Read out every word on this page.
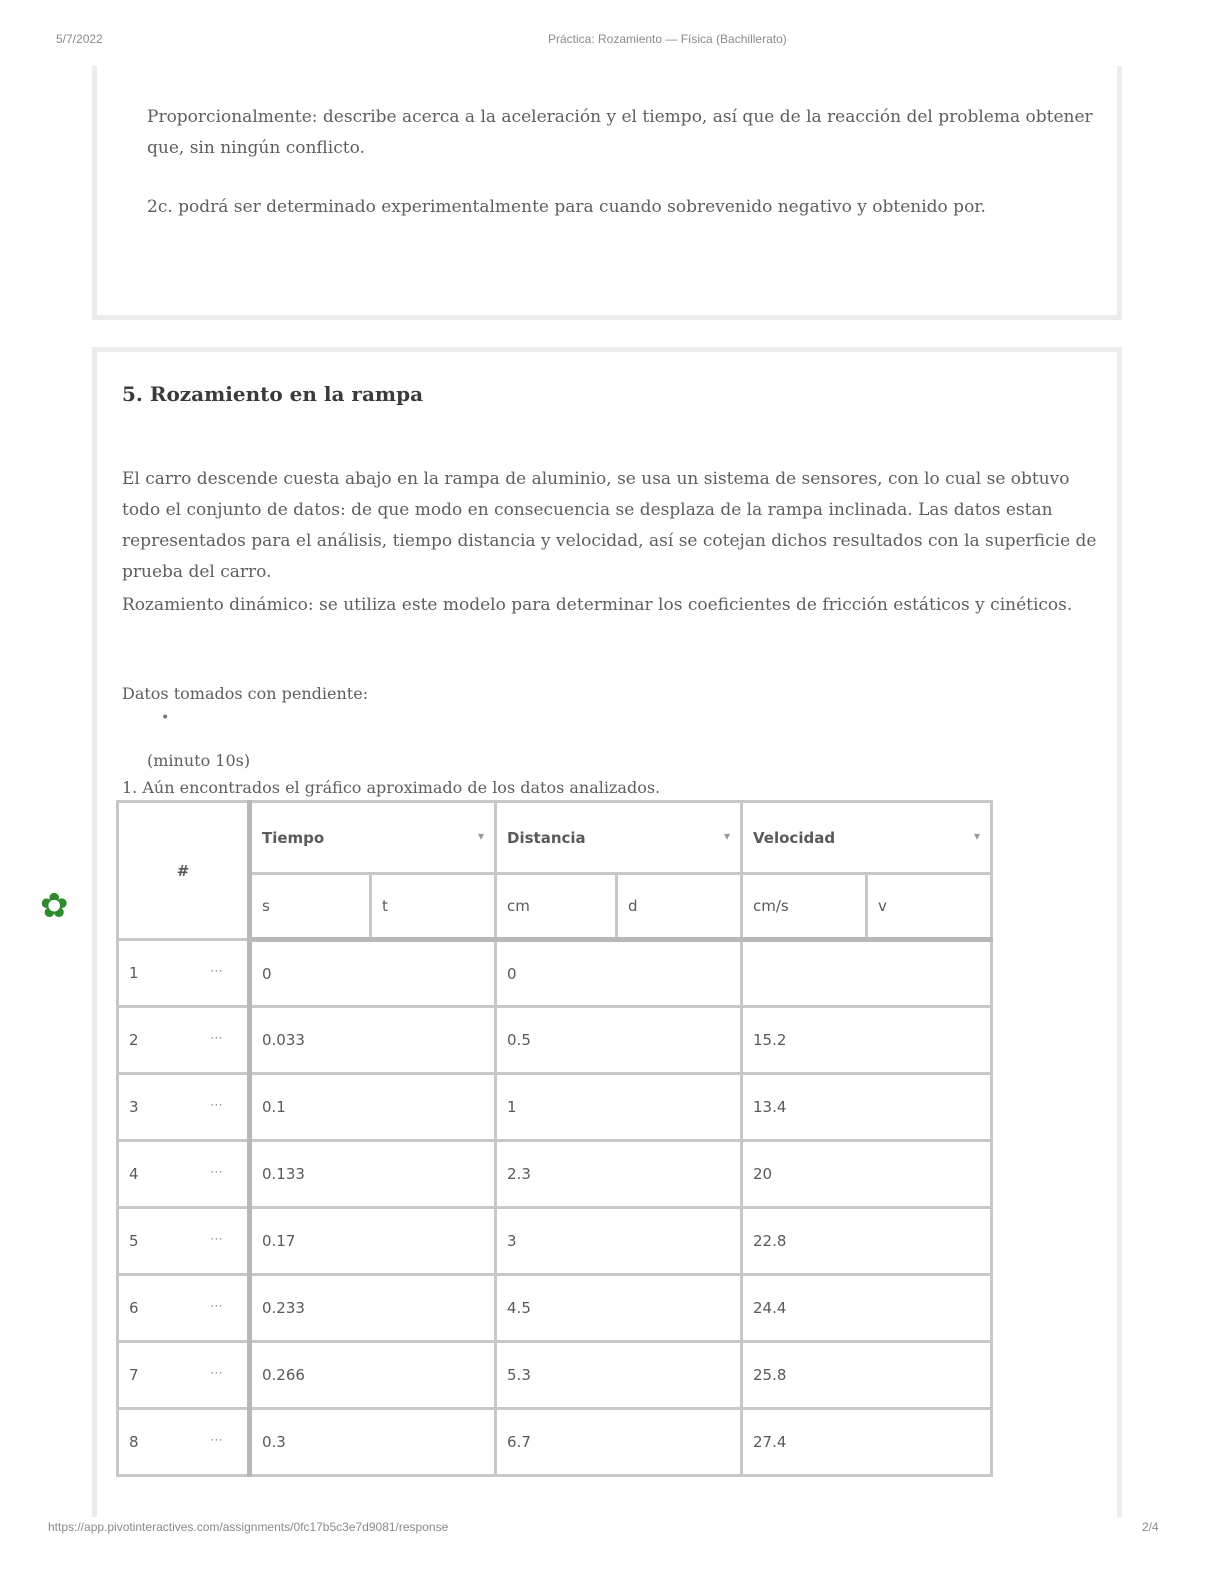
5/7/2022	Práctica: Rozamiento — Física (Bachillerato)
Proporcionalmente: describe acerca a la aceleración y el tiempo, así que de la reacción del problema obtener que, sin ningún conflicto.
2c. podrá ser determinado experimentalmente para cuando sobrevenido negativo y obtenido por.
5. Rozamiento en la rampa
El carro descende cuesta abajo en la rampa de aluminio, se usa un sistema de sensores, con lo cual se obtuvo todo el conjunto de datos: de que modo en consecuencia se desplaza de la rampa inclinada. Las datos estan representados para el análisis, tiempo distancia y velocidad, así se cotejan dichos resultados con la superficie de prueba del carro.
Rozamiento dinámico: se utiliza este modelo para determinar los coeficientes de fricción estáticos y cinéticos.
Datos tomados con pendiente:
•
(minuto 10s)
1. Aún encontrados el gráfico aproximado de los datos analizados.
✿
#	Tiempo ▾		Distancia ▾		Velocidad ▾	

	s	t	cm	d	cm/s	v
1 ⋯	0		0			
2 ⋯	0.033		0.5		15.2	
3 ⋯	0.1		1		13.4	
4 ⋯	0.133		2.3		20	
5 ⋯	0.17		3		22.8	
6 ⋯	0.233		4.5		24.4	
7 ⋯	0.266		5.3		25.8	
8 ⋯	0.3		6.7		27.4	
https://app.pivotinteractives.com/assignments/0fc17b5c3e7d9081/response	2/4
